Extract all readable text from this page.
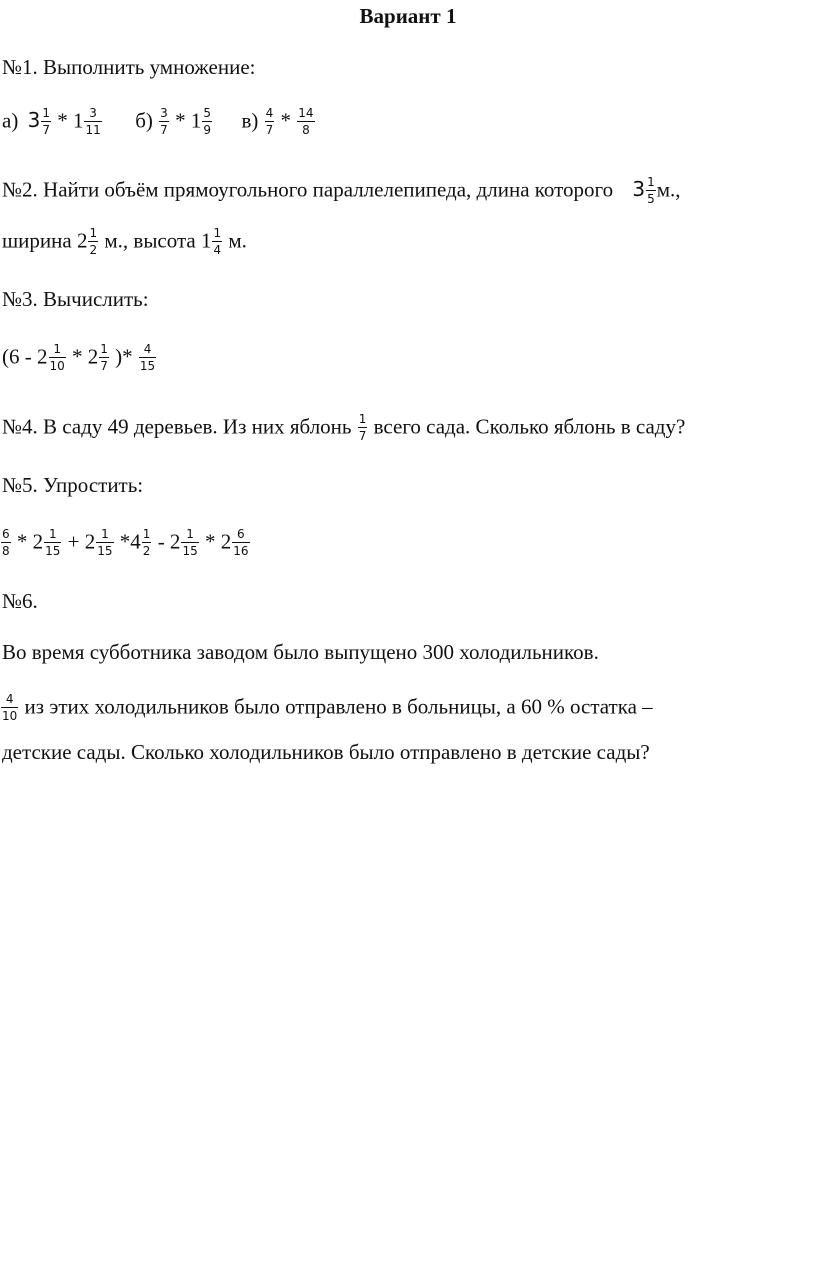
Вариант 1
№1. Выполнить умножение:
а) $3 \frac{1}{7} * 1 \frac{3}{11} б) \frac{3}{7} * 1 \frac{5}{9} в) \frac{4}{7} * \frac{14}{8}$
№2. Найти объём прямоугольного параллелепипеда, длина которого $3 \frac{1}{5} м$.,
ширина $2 \frac{1}{2} м$., высота $1 \frac{1}{4} м$.
№3. Вычислить:
($6 - 2 \frac{1}{10} * 2 \frac{1}{7}$ )* $\frac{4}{15}$
№4. В саду 49 деревьев. Из них яблонь $\frac{1}{7}$ всего сада. Сколько яблонь в саду?
№5. Упростить:
$\frac{6}{8} * 2 \frac{1}{15} + 2 \frac{1}{15} *4 \frac{1}{2} - 2 \frac{1}{15} * 2 \frac{6}{16}$
№6.
Во время субботника заводом было выпущено 300 холодильников.
$\frac{4}{10}$ из этих холодильников было отправлено в больницы, а 60 % остатка –
детские сады. Сколько холодильников было отправлено в детские сады?
